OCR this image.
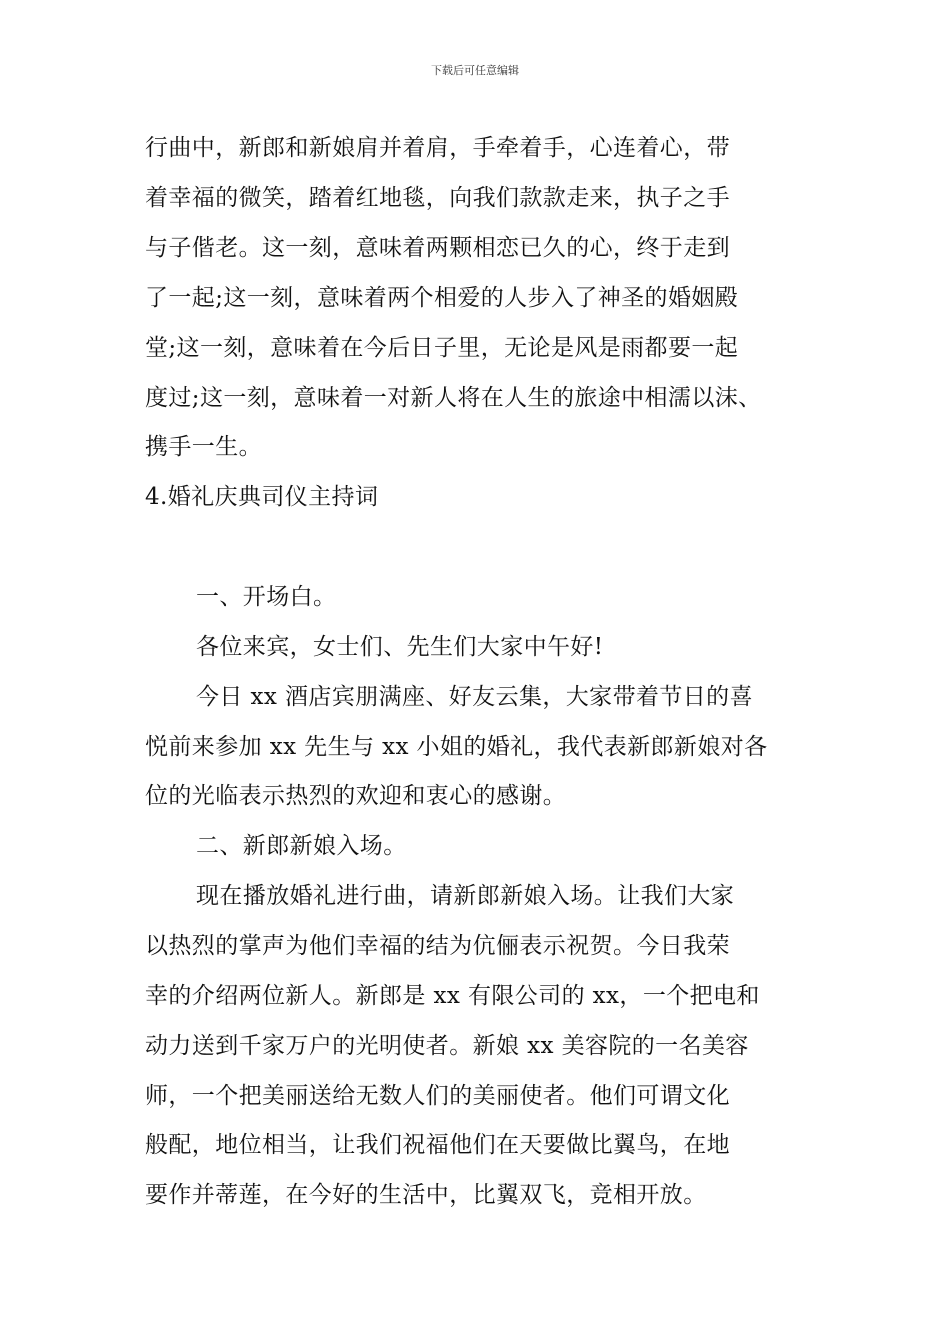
下载后可任意编辑
行曲中，新郎和新娘肩并着肩，手牵着手，心连着心，带
着幸福的微笑，踏着红地毯，向我们款款走来，执子之手
与子偕老。这一刻，意味着两颗相恋已久的心，终于走到
了一起;这一刻，意味着两个相爱的人步入了神圣的婚姻殿
堂;这一刻，意味着在今后日子里，无论是风是雨都要一起
度过;这一刻，意味着一对新人将在人生的旅途中相濡以沫、
携手一生。
4.婚礼庆典司仪主持词
一、开场白。
各位来宾，女士们、先生们大家中午好!
今日 xx 酒店宾朋满座、好友云集，大家带着节日的喜
悦前来参加 xx 先生与 xx 小姐的婚礼，我代表新郎新娘对各
位的光临表示热烈的欢迎和衷心的感谢。
二、新郎新娘入场。
现在播放婚礼进行曲，请新郎新娘入场。让我们大家
以热烈的掌声为他们幸福的结为伉俪表示祝贺。今日我荣
幸的介绍两位新人。新郎是 xx 有限公司的 xx，一个把电和
动力送到千家万户的光明使者。新娘 xx 美容院的一名美容
师，一个把美丽送给无数人们的美丽使者。他们可谓文化
般配，地位相当，让我们祝福他们在天要做比翼鸟，在地
要作并蒂莲，在今好的生活中，比翼双飞，竞相开放。
